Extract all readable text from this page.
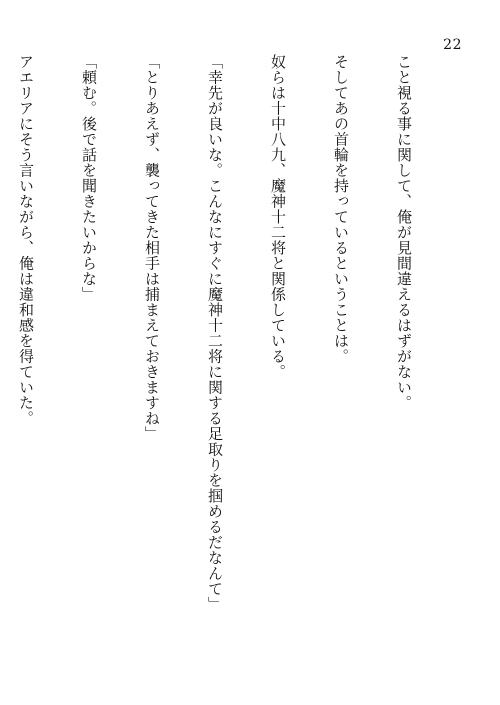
22

こと視る事に関して、俺が見間違えるはずがない。

そしてあの首輪を持っているということは。

奴らは十中八九、魔神十二将と関係している。

「幸先が良いな。こんなにすぐに魔神十二将に関する足取りを掴めるだなんて」

「とりあえず、襲ってきた相手は捕まえておきますね」

「頼む。後で話を聞きたいからな」

アエリアにそう言いながら、俺は違和感を得ていた。
